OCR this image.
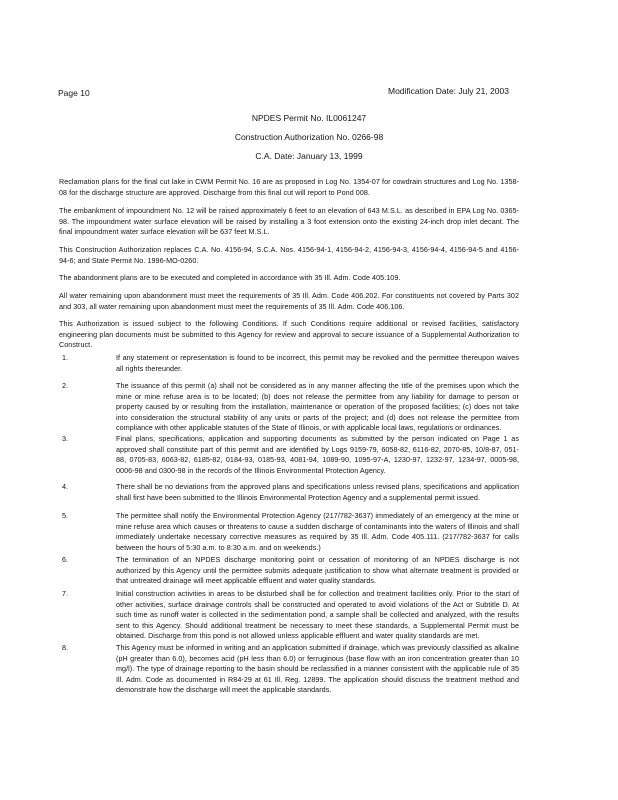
Page 10	Modification Date: July 21, 2003
NPDES Permit No. IL0061247
Construction Authorization No. 0266-98
C.A. Date: January 13, 1999
Reclamation plans for the final cut lake in CWM Permit No. 16 are as proposed in Log No. 1354-07 for cowdrain structures and Log No. 1358-08 for the discharge structure are approved. Discharge from this final cut will report to Pond 008.
The embankment of impoundment No. 12 will be raised approximately 6 feet to an elevation of 643 M.S.L. as described in EPA Log No. 0365-98. The impoundment water surface elevation will be raised by installing a 3 foot extension onto the existing 24-inch drop inlet decant. The final impoundment water surface elevation will be 637 feet M.S.L.
This Construction Authorization replaces C.A. No. 4156-94, S.C.A. Nos. 4156-94-1, 4156-94-2, 4156-94-3, 4156-94-4, 4156-94-5 and 4156-94-6; and State Permit No. 1996-MO-0260.
The abandonment plans are to be executed and completed in accordance with 35 Ill. Adm. Code 405.109.
All water remaining upon abandonment must meet the requirements of 35 Ill. Adm. Code 406.202. For constituents not covered by Parts 302 and 303, all water remaining upon abandonment must meet the requirements of 35 Ill. Adm. Code 406.106.
This Authorization is issued subject to the following Conditions. If such Conditions require additional or revised facilities, satisfactory engineering plan documents must be submitted to this Agency for review and approval to secure issuance of a Supplemental Authorization to Construct.
1.	If any statement or representation is found to be incorrect, this permit may be revoked and the permittee thereupon waives all rights thereunder.
2.	The issuance of this permit (a) shall not be considered as in any manner affecting the title of the premises upon which the mine or mine refuse area is to be located; (b) does not release the permittee from any liability for damage to person or property caused by or resulting from the installation, maintenance or operation of the proposed facilities; (c) does not take into consideration the structural stability of any units or parts of the project; and (d) does not release the permittee from compliance with other applicable statutes of the State of Illinois, or with applicable local laws, regulations or ordinances.
3.	Final plans, specifications, application and supporting documents as submitted by the person indicated on Page 1 as approved shall constitute part of this permit and are identified by Logs 9159-79, 6058-82, 6116-82, 2070-85, 10/8-87, 051-88, 0705-83, 6063-82, 6185-82, 0184-93, 0185-93, 4081-94, 1089-90, 1095-97-A, 1230-97, 1232-97, 1234-97, 0005-98, 0006-98 and 0300-98 in the records of the Illinois Environmental Protection Agency.
4.	There shall be no deviations from the approved plans and specifications unless revised plans, specifications and application shall first have been submitted to the Illinois Environmental Protection Agency and a supplemental permit issued.
5.	The permittee shall notify the Environmental Protection Agency (217/782-3637) immediately of an emergency at the mine or mine refuse area which causes or threatens to cause a sudden discharge of contaminants into the waters of Illinois and shall immediately undertake necessary corrective measures as required by 35 Ill. Adm. Code 405.111. (217/782-3637 for calls between the hours of 5:30 a.m. to 8:30 a.m. and on weekends.)
6.	The termination of an NPDES discharge monitoring point or cessation of monitoring of an NPDES discharge is not authorized by this Agency until the permittee submits adequate justification to show what alternate treatment is provided or that untreated drainage will meet applicable effluent and water quality standards.
7.	Initial construction activities in areas to be disturbed shall be for collection and treatment facilities only. Prior to the start of other activities, surface drainage controls shall be constructed and operated to avoid violations of the Act or Subtitle D. At such time as runoff water is collected in the sedimentation pond, a sample shall be collected and analyzed, with the results sent to this Agency. Should additional treatment be necessary to meet these standards, a Supplemental Permit must be obtained. Discharge from this pond is not allowed unless applicable effluent and water quality standards are met.
8.	This Agency must be informed in writing and an application submitted if drainage, which was previously classified as alkaline (pH greater than 6.0), becomes acid (pH less than 6.0) or ferruginous (base flow with an iron concentration greater than 10 mg/l). The type of drainage reporting to the basin should be reclassified in a manner consistent with the applicable rule of 35 Ill. Adm. Code as documented in R84-29 at 61 Ill. Reg. 12899. The application should discuss the treatment method and demonstrate how the discharge will meet the applicable standards.
